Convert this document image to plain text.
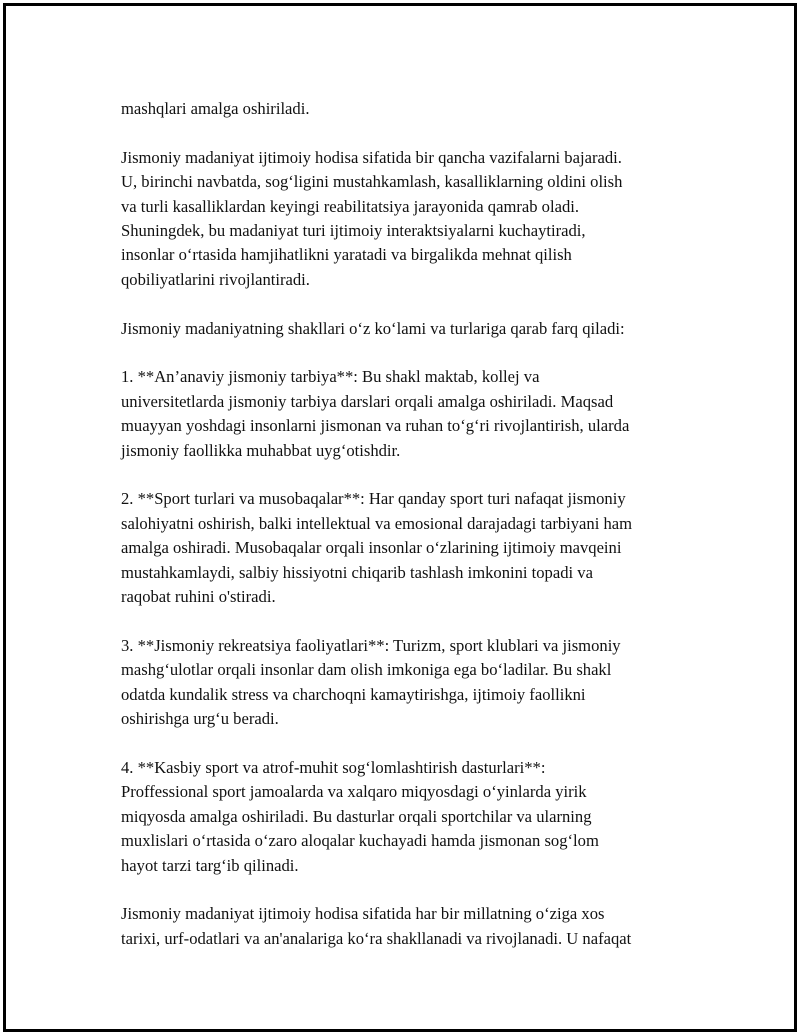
mashqlari amalga oshiriladi.

Jismoniy madaniyat ijtimoiy hodisa sifatida bir qancha vazifalarni bajaradi.
U, birinchi navbatda, sog‘ligini mustahkamlash, kasalliklarning oldini olish
va turli kasalliklardan keyingi reabilitatsiya jarayonida qamrab oladi.
Shuningdek, bu madaniyat turi ijtimoiy interaktsiyalarni kuchaytiradi,
insonlar o‘rtasida hamjihatlikni yaratadi va birgalikda mehnat qilish
qobiliyatlarini rivojlantiradi.

Jismoniy madaniyatning shakllari o‘z ko‘lami va turlariga qarab farq qiladi:

1. **An’anaviy jismoniy tarbiya**: Bu shakl maktab, kollej va
universitetlarda jismoniy tarbiya darslari orqali amalga oshiriladi. Maqsad
muayyan yoshdagi insonlarni jismonan va ruhan to‘g‘ri rivojlantirish, ularda
jismoniy faollikka muhabbat uyg‘otishdir.

2. **Sport turlari va musobaqalar**: Har qanday sport turi nafaqat jismoniy
salohiyatni oshirish, balki intellektual va emosional darajadagi tarbiyani ham
amalga oshiradi. Musobaqalar orqali insonlar o‘zlarining ijtimoiy mavqeini
mustahkamlaydi, salbiy hissiyotni chiqarib tashlash imkonini topadi va
raqobat ruhini o'stiradi.

3. **Jismoniy rekreatsiya faoliyatlari**: Turizm, sport klublari va jismoniy
mashg‘ulotlar orqali insonlar dam olish imkoniga ega bo‘ladilar. Bu shakl
odatda kundalik stress va charchoqni kamaytirishga, ijtimoiy faollikni
oshirishga urg‘u beradi.

4. **Kasbiy sport va atrof-muhit sog‘lomlashtirish dasturlari**:
Proffessional sport jamoalarda va xalqaro miqyosdagi o‘yinlarda yirik
miqyosda amalga oshiriladi. Bu dasturlar orqali sportchilar va ularning
muxlislari o‘rtasida o‘zaro aloqalar kuchayadi hamda jismonan sog‘lom
hayot tarzi targ‘ib qilinadi.

Jismoniy madaniyat ijtimoiy hodisa sifatida har bir millatning o‘ziga xos
tarixi, urf-odatlari va an'analariga ko‘ra shakllanadi va rivojlanadi. U nafaqat
